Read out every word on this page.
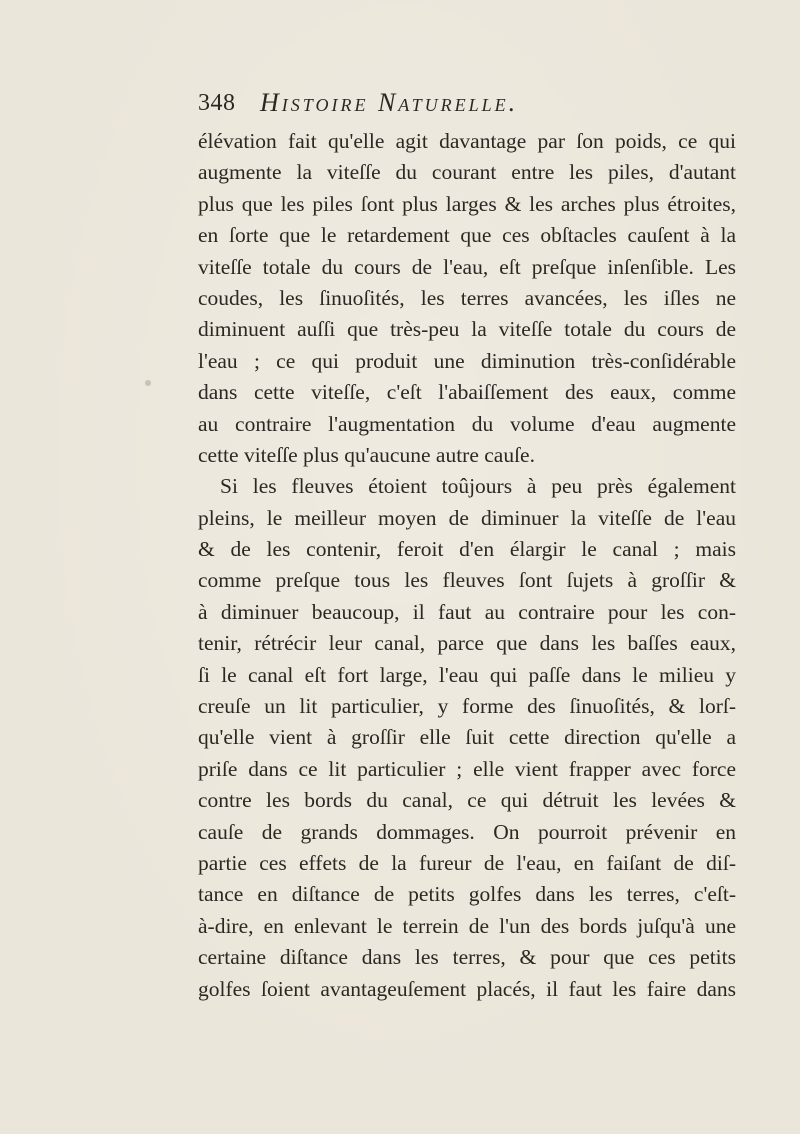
348 Histoire Naturelle.
élévation fait qu'elle agit davantage par ſon poids, ce qui
augmente la viteſſe du courant entre les piles, d'autant
plus que les piles ſont plus larges & les arches plus étroites,
en ſorte que le retardement que ces obſtacles cauſent à la
viteſſe totale du cours de l'eau, eſt preſque inſenſible. Les
coudes, les ſinuoſités, les terres avancées, les iſles ne
diminuent auſſi que très-peu la viteſſe totale du cours de
l'eau ; ce qui produit une diminution très-conſidérable
dans cette viteſſe, c'eſt l'abaiſſement des eaux, comme
au contraire l'augmentation du volume d'eau augmente
cette viteſſe plus qu'aucune autre cauſe.
Si les fleuves étoient toûjours à peu près également
pleins, le meilleur moyen de diminuer la viteſſe de l'eau
& de les contenir, feroit d'en élargir le canal ; mais
comme preſque tous les fleuves ſont ſujets à groſſir &
à diminuer beaucoup, il faut au contraire pour les con-
tenir, rétrécir leur canal, parce que dans les baſſes eaux,
ſi le canal eſt fort large, l'eau qui paſſe dans le milieu y
creuſe un lit particulier, y forme des ſinuoſités, & lorſ-
qu'elle vient à groſſir elle ſuit cette direction qu'elle a
priſe dans ce lit particulier ; elle vient frapper avec force
contre les bords du canal, ce qui détruit les levées &
cauſe de grands dommages. On pourroit prévenir en
partie ces effets de la fureur de l'eau, en faiſant de diſ-
tance en diſtance de petits golfes dans les terres, c'eſt-
à-dire, en enlevant le terrein de l'un des bords juſqu'à une
certaine diſtance dans les terres, & pour que ces petits
golfes ſoient avantageuſement placés, il faut les faire dans
